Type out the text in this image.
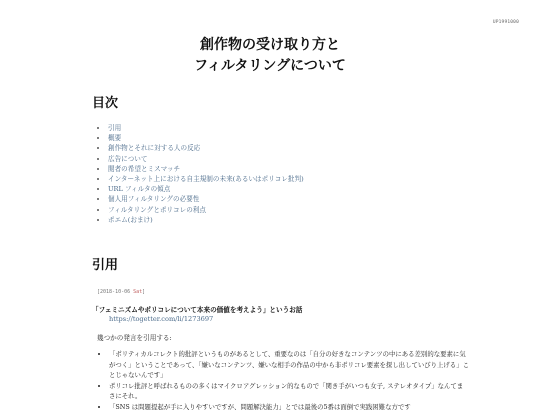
UP1991000
創作物の受け取り方と
フィルタリングについて
目次
• 引用
• 概要
• 創作物とそれに対する人の反応
• 広告について
• 閲者の希望とミスマッチ
• インターネット上における自主規制の未来(あるいはポリコレ批判)
• URL フィルタの傾点
• 個人用フィルタリングの必要性
• フィルタリングとポリコレの利点
• ポエム(おまけ)
引用
[2018-10-06 Sat]
「フェミニズムやポリコレについて本来の価値を考えよう」というお話
https://togetter.com/li/1273697
幾つかの発言を引用する:
• 「ポリティカルコレクト的批評というものがあるとして、重要なのは「自分の好きなコンテンツの中にある差別的な要素に気がつく」ということであって、「嫌いなコンテンツ、嫌いな相手の作品の中から非ポリコレ要素を探し出していびり上げる」ことじゃないんです」
• ポリコレ批評と呼ばれるものの多くはマイクロアグレッション的なもので「関き手がいつも女子, ステレオタイプ」なんてまさにそれ。
• 「SNS は問題提起が手に入りやすいですが、問題解決能力」とでは最後の5番は面倒で実践困難な方です
